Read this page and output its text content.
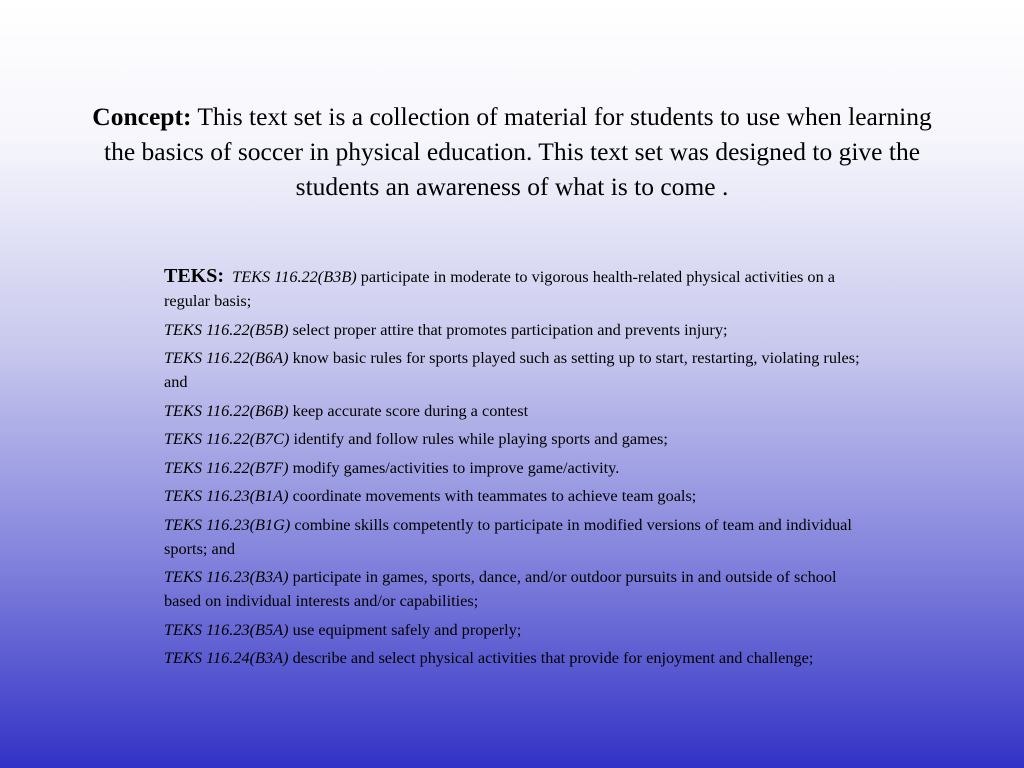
Concept: This text set is a collection of material for students to use when learning the basics of soccer in physical education. This text set was designed to give the students an awareness of what is to come .

TEKS: TEKS 116.22(B3B) participate in moderate to vigorous health-related physical activities on a regular basis;

TEKS 116.22(B5B) select proper attire that promotes participation and prevents injury;

TEKS 116.22(B6A) know basic rules for sports played such as setting up to start, restarting, violating rules; and

TEKS 116.22(B6B) keep accurate score during a contest

TEKS 116.22(B7C) identify and follow rules while playing sports and games;

TEKS 116.22(B7F) modify games/activities to improve game/activity.

TEKS 116.23(B1A) coordinate movements with teammates to achieve team goals;

TEKS 116.23(B1G) combine skills competently to participate in modified versions of team and individual sports; and

TEKS 116.23(B3A) participate in games, sports, dance, and/or outdoor pursuits in and outside of school based on individual interests and/or capabilities;

TEKS 116.23(B5A) use equipment safely and properly;

TEKS 116.24(B3A) describe and select physical activities that provide for enjoyment and challenge;
